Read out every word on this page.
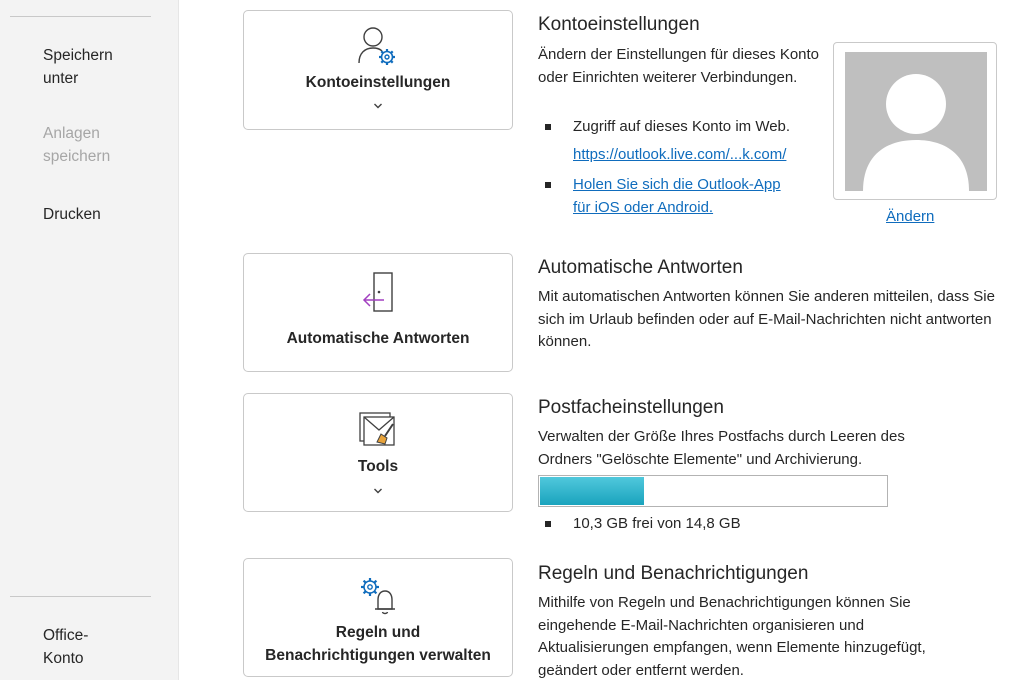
Speichern
unter
Anlagen
speichern
Drucken
Office-
Konto
Kontoeinstellungen
Kontoeinstellungen
Ändern der Einstellungen für dieses Konto oder Einrichten weiterer Verbindungen.
Zugriff auf dieses Konto im Web.
https://outlook.live.com/...k.com/
Holen Sie sich die Outlook-App
für iOS oder Android.
Ändern
Automatische Antworten
Automatische Antworten
Mit automatischen Antworten können Sie anderen mitteilen, dass Sie sich im Urlaub befinden oder auf E-Mail-Nachrichten nicht antworten können.
Tools
Postfacheinstellungen
Verwalten der Größe Ihres Postfachs durch Leeren des Ordners "Gelöschte Elemente" und Archivierung.
10,3 GB frei von 14,8 GB
Regeln und
Benachrichtigungen verwalten
Regeln und Benachrichtigungen
Mithilfe von Regeln und Benachrichtigungen können Sie eingehende E-Mail-Nachrichten organisieren und Aktualisierungen empfangen, wenn Elemente hinzugefügt, geändert oder entfernt werden.
